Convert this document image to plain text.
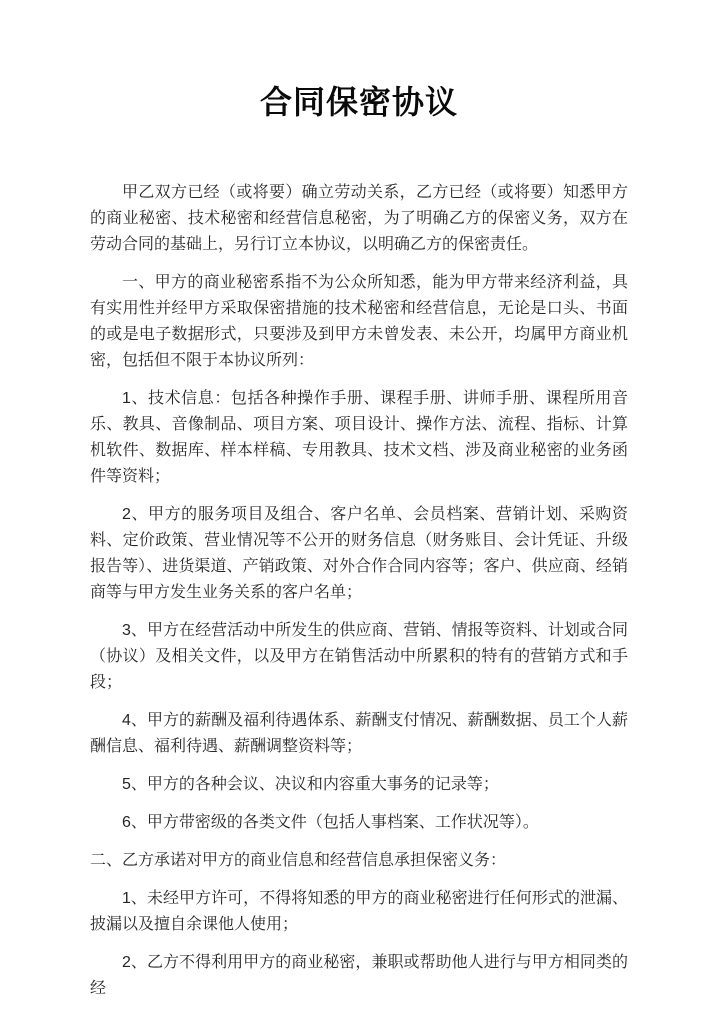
合同保密协议

甲乙双方已经（或将要）确立劳动关系，乙方已经（或将要）知悉甲方的商业秘密、技术秘密和经营信息秘密，为了明确乙方的保密义务，双方在劳动合同的基础上，另行订立本协议，以明确乙方的保密责任。

一、甲方的商业秘密系指不为公众所知悉，能为甲方带来经济利益，具有实用性并经甲方采取保密措施的技术秘密和经营信息，无论是口头、书面的或是电子数据形式，只要涉及到甲方未曾发表、未公开，均属甲方商业机密，包括但不限于本协议所列：

1、技术信息：包括各种操作手册、课程手册、讲师手册、课程所用音乐、教具、音像制品、项目方案、项目设计、操作方法、流程、指标、计算机软件、数据库、样本样稿、专用教具、技术文档、涉及商业秘密的业务函件等资料；

2、甲方的服务项目及组合、客户名单、会员档案、营销计划、采购资料、定价政策、营业情况等不公开的财务信息（财务账目、会计凭证、升级报告等）、进货渠道、产销政策、对外合作合同内容等；客户、供应商、经销商等与甲方发生业务关系的客户名单；

3、甲方在经营活动中所发生的供应商、营销、情报等资料、计划或合同（协议）及相关文件，以及甲方在销售活动中所累积的特有的营销方式和手段；

4、甲方的薪酬及福利待遇体系、薪酬支付情况、薪酬数据、员工个人薪酬信息、福利待遇、薪酬调整资料等；

5、甲方的各种会议、决议和内容重大事务的记录等；

6、甲方带密级的各类文件（包括人事档案、工作状况等）。

二、乙方承诺对甲方的商业信息和经营信息承担保密义务：

1、未经甲方许可，不得将知悉的甲方的商业秘密进行任何形式的泄漏、披漏以及擅自余课他人使用；

2、乙方不得利用甲方的商业秘密，兼职或帮助他人进行与甲方相同类的经
